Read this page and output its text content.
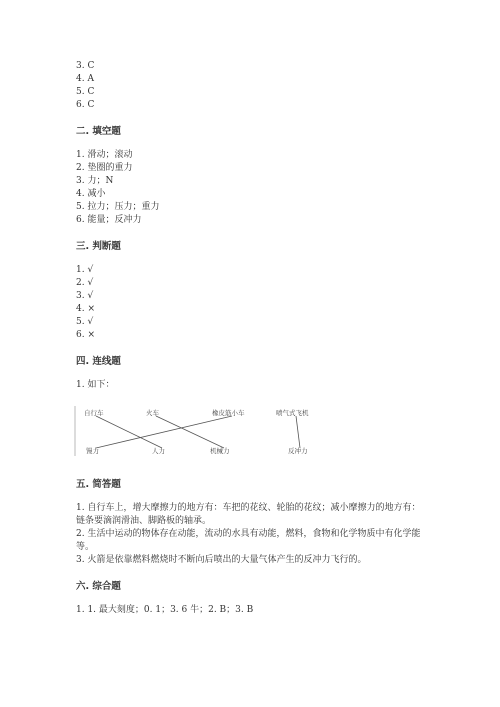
3. C
4. A
5. C
6. C
二. 填空题
1. 滑动；滚动
2. 垫圈的重力
3. 力；N
4. 减小
5. 拉力；压力；重力
6. 能量；反冲力
三. 判断题
1. √
2. √
3. √
4. ×
5. √
6. ×
四. 连线题
1. 如下：
自行车	火车	橡皮筋小车	喷气式飞机
馒力	人力	机械力	反冲力
五. 简答题
1. 自行车上，增大摩擦力的地方有：车把的花纹、轮胎的花纹；减小摩擦力的地方有：链条要滴润滑油、脚路板的轴承。
2. 生活中运动的物体存在动能，流动的水具有动能，燃料，食物和化学物质中有化学能等。
3. 火箭是依靠燃料燃烧时不断向后喷出的大量气体产生的反冲力飞行的。
六. 综合题
1. 1. 最大刻度；0. 1；3. 6 牛；2. B；3. B
